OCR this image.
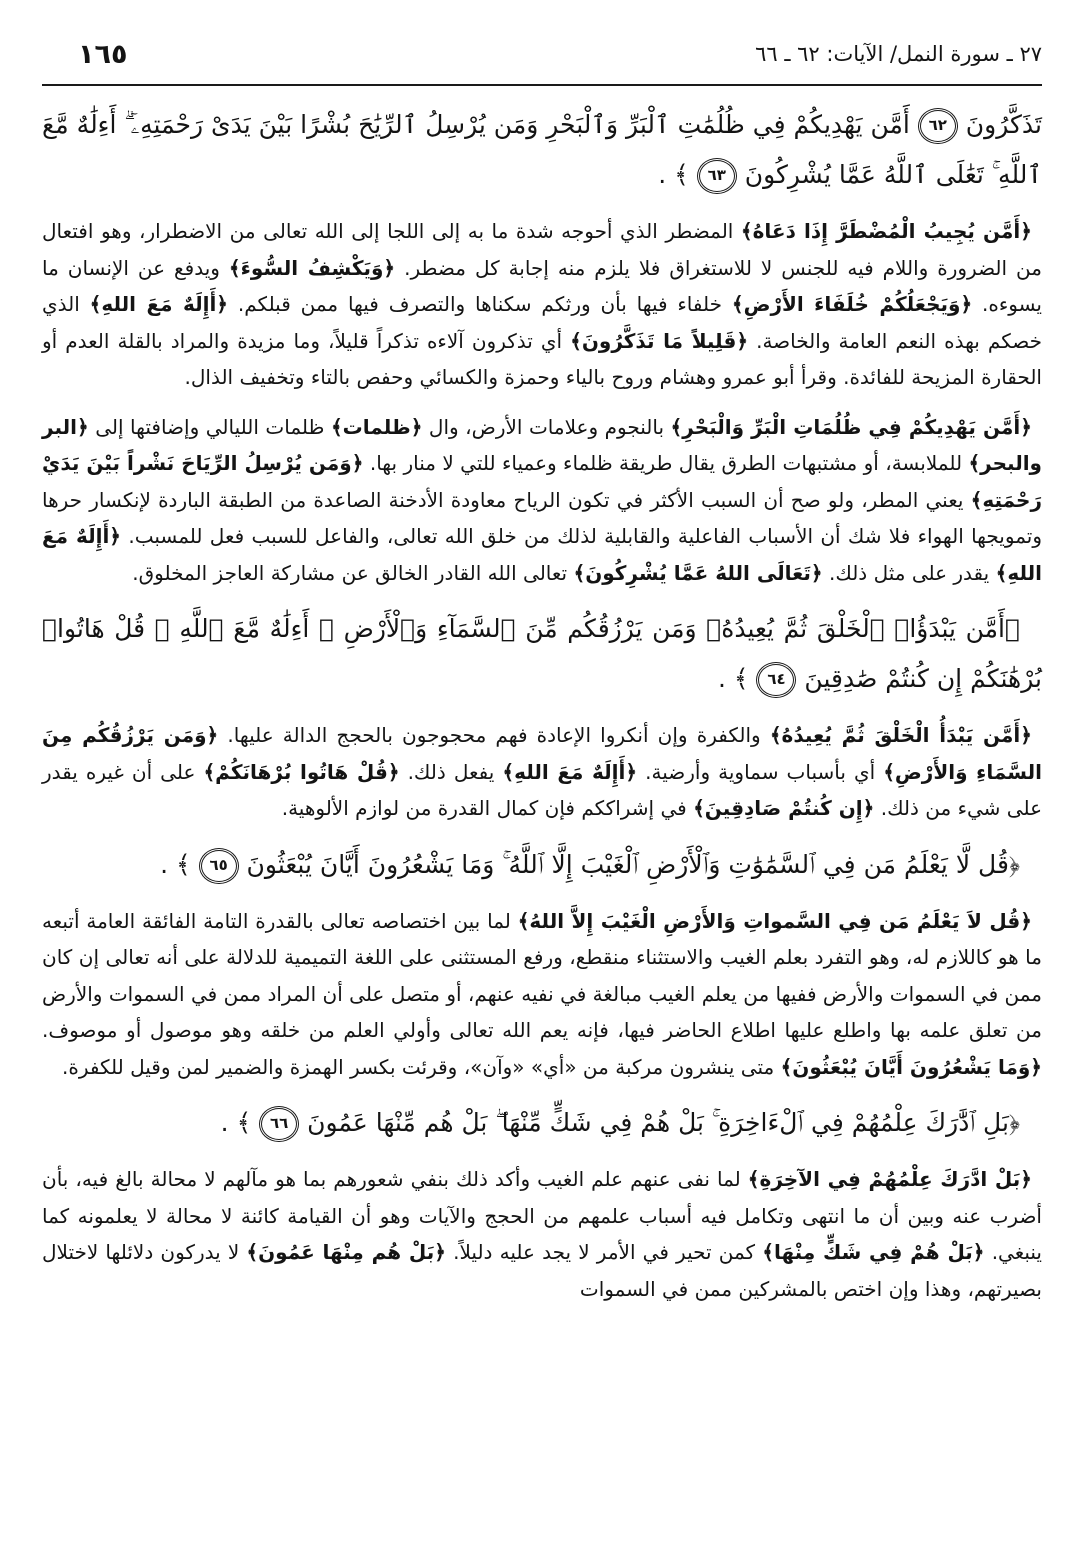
٢٧ ـ سورة النمل/ الآيات: ٦٢ ـ ٦٦
١٦٥

تَذَكَّرُونَ ٦٢ أَمَّن يَهْدِيكُمْ فِي ظُلُمَٰتِ ٱلْبَرِّ وَٱلْبَحْرِ وَمَن يُرْسِلُ ٱلرِّيَٰحَ بُشْرًا بَيْنَ يَدَىْ رَحْمَتِهِۦٓ ۗ أَءِلَٰهٌ مَّعَ ٱللَّهِ ۚ تَعَٰلَى ٱللَّهُ عَمَّا يُشْرِكُونَ ٦٣ ﴾ .

﴿أَمَّن يُجِيبُ الْمُضْطَرَّ إِذَا دَعَاهُ﴾ المضطر الذي أحوجه شدة ما به إلى اللجا إلى الله تعالى من الاضطرار، وهو افتعال من الضرورة واللام فيه للجنس لا للاستغراق فلا يلزم منه إجابة كل مضطر. ﴿وَيَكْشِفُ السُّوءَ﴾ ويدفع عن الإنسان ما يسوءه. ﴿وَيَجْعَلُكُمْ خُلَفَاءَ الأَرْضِ﴾ خلفاء فيها بأن ورثكم سكناها والتصرف فيها ممن قبلكم. ﴿أَإِلَهٌ مَعَ اللهِ﴾ الذي خصكم بهذه النعم العامة والخاصة. ﴿قَلِيلاً مَا تَذَكَّرُونَ﴾ أي تذكرون آلاءه تذكراً قليلاً، وما مزيدة والمراد بالقلة العدم أو الحقارة المزيحة للفائدة. وقرأ أبو عمرو وهشام وروح بالياء وحمزة والكسائي وحفص بالتاء وتخفيف الذال.

﴿أَمَّن يَهْدِيكُمْ فِي ظُلُمَاتِ الْبَرِّ وَالْبَحْرِ﴾ بالنجوم وعلامات الأرض، وال ﴿ظلمات﴾ ظلمات الليالي وإضافتها إلى ﴿البر والبحر﴾ للملابسة، أو مشتبهات الطرق يقال طريقة ظلماء وعمياء للتي لا منار بها. ﴿وَمَن يُرْسِلُ الرِّيَاحَ نَشْراً بَيْنَ يَدَيْ رَحْمَتِهِ﴾ يعني المطر، ولو صح أن السبب الأكثر في تكون الرياح معاودة الأدخنة الصاعدة من الطبقة الباردة لإنكسار حرها وتمويجها الهواء فلا شك أن الأسباب الفاعلية والقابلية لذلك من خلق الله تعالى، والفاعل للسبب فعل للمسبب. ﴿أَإِلَهٌ مَعَ اللهِ﴾ يقدر على مثل ذلك. ﴿تَعَالَى اللهُ عَمَّا يُشْرِكُونَ﴾ تعالى الله القادر الخالق عن مشاركة العاجز المخلوق.

﴿أَمَّن يَبْدَؤُا۟ ٱلْخَلْقَ ثُمَّ يُعِيدُهُۥ وَمَن يَرْزُقُكُم مِّنَ ٱلسَّمَآءِ وَٱلْأَرْضِ ۗ أَءِلَٰهٌ مَّعَ ٱللَّهِ ۚ قُلْ هَاتُوا۟ بُرْهَٰنَكُمْ إِن كُنتُمْ صَٰدِقِينَ ٦٤ ﴾ .

﴿أَمَّن يَبْدَأُ الْخَلْقَ ثُمَّ يُعِيدُهُ﴾ والكفرة وإن أنكروا الإعادة فهم محجوجون بالحجج الدالة عليها. ﴿وَمَن يَرْزُقُكُم مِنَ السَّمَاءِ وَالأَرْضِ﴾ أي بأسباب سماوية وأرضية. ﴿أَإِلَهٌ مَعَ اللهِ﴾ يفعل ذلك. ﴿قُلْ هَاتُوا بُرْهَانَكُمْ﴾ على أن غيره يقدر على شيء من ذلك. ﴿إِن كُنتُمْ صَادِقِينَ﴾ في إشراككم فإن كمال القدرة من لوازم الألوهية.

﴿قُل لَّا يَعْلَمُ مَن فِي ٱلسَّمَٰوَٰتِ وَٱلْأَرْضِ ٱلْغَيْبَ إِلَّا ٱللَّهُ ۚ وَمَا يَشْعُرُونَ أَيَّانَ يُبْعَثُونَ ٦٥ ﴾ .

﴿قُل لاَ يَعْلَمُ مَن فِي السَّمواتِ وَالأَرْضِ الْغَيْبَ إِلاَّ اللهُ﴾ لما بين اختصاصه تعالى بالقدرة التامة الفائقة العامة أتبعه ما هو كاللازم له، وهو التفرد بعلم الغيب والاستثناء منقطع، ورفع المستثنى على اللغة التميمية للدلالة على أنه تعالى إن كان ممن في السموات والأرض ففيها من يعلم الغيب مبالغة في نفيه عنهم، أو متصل على أن المراد ممن في السموات والأرض من تعلق علمه بها واطلع عليها اطلاع الحاضر فيها، فإنه يعم الله تعالى وأولي العلم من خلقه وهو موصول أو موصوف. ﴿وَمَا يَشْعُرُونَ أَيَّانَ يُبْعَثُونَ﴾ متى ينشرون مركبة من «أي» «وآن»، وقرئت بكسر الهمزة والضمير لمن وقيل للكفرة.

﴿بَلِ ٱدَّٰرَكَ عِلْمُهُمْ فِي ٱلْءَاخِرَةِ ۚ بَلْ هُمْ فِي شَكٍّ مِّنْهَا ۖ بَلْ هُم مِّنْهَا عَمُونَ ٦٦ ﴾ .

﴿بَلْ ادَّرَكَ عِلْمُهُمْ فِي الآخِرَةِ﴾ لما نفى عنهم علم الغيب وأكد ذلك بنفي شعورهم بما هو مآلهم لا محالة بالغ فيه، بأن أضرب عنه وبين أن ما انتهى وتكامل فيه أسباب علمهم من الحجج والآيات وهو أن القيامة كائنة لا محالة لا يعلمونه كما ينبغي. ﴿بَلْ هُمْ فِي شَكٍّ مِنْهَا﴾ كمن تحير في الأمر لا يجد عليه دليلاً. ﴿بَلْ هُم مِنْهَا عَمُونَ﴾ لا يدركون دلائلها لاختلال بصيرتهم، وهذا وإن اختص بالمشركين ممن في السموات
